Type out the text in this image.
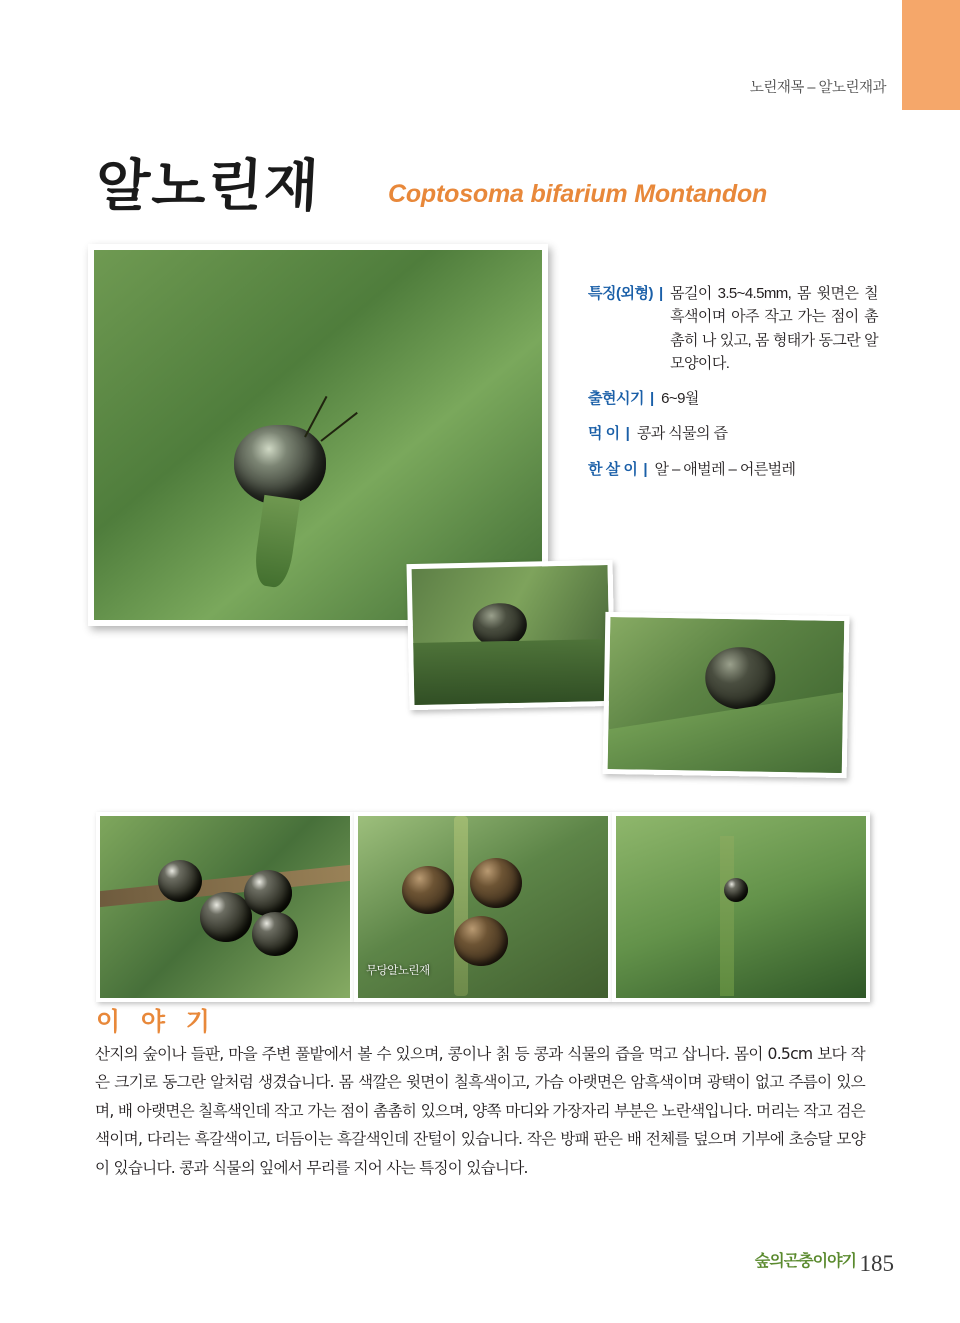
노린재목 – 알노린재과
알노린재	Coptosoma bifarium Montandon
특징(외형) | 몸길이 3.5~4.5mm, 몸 윗면은 칠흑색이며 아주 작고 가는 점이 촘촘히 나 있고, 몸 형태가 동그란 알 모양이다.
출현시기 | 6~9월
먹 이 | 콩과 식물의 즙
한 살 이 | 알 – 애벌레 – 어른벌레
무당알노린재
이 야 기
산지의 숲이나 들판, 마을 주변 풀밭에서 볼 수 있으며, 콩이나 칡 등 콩과 식물의 즙을 먹고 삽니다. 몸이 0.5cm 보다 작은 크기로 동그란 알처럼 생겼습니다. 몸 색깔은 윗면이 칠흑색이고, 가슴 아랫면은 암흑색이며 광택이 없고 주름이 있으며, 배 아랫면은 칠흑색인데 작고 가는 점이 촘촘히 있으며, 양쪽 마디와 가장자리 부분은 노란색입니다. 머리는 작고 검은색이며, 다리는 흑갈색이고, 더듬이는 흑갈색인데 잔털이 있습니다. 작은 방패 판은 배 전체를 덮으며 기부에 초승달 모양이 있습니다. 콩과 식물의 잎에서 무리를 지어 사는 특징이 있습니다.
숲의곤충이야기 185
